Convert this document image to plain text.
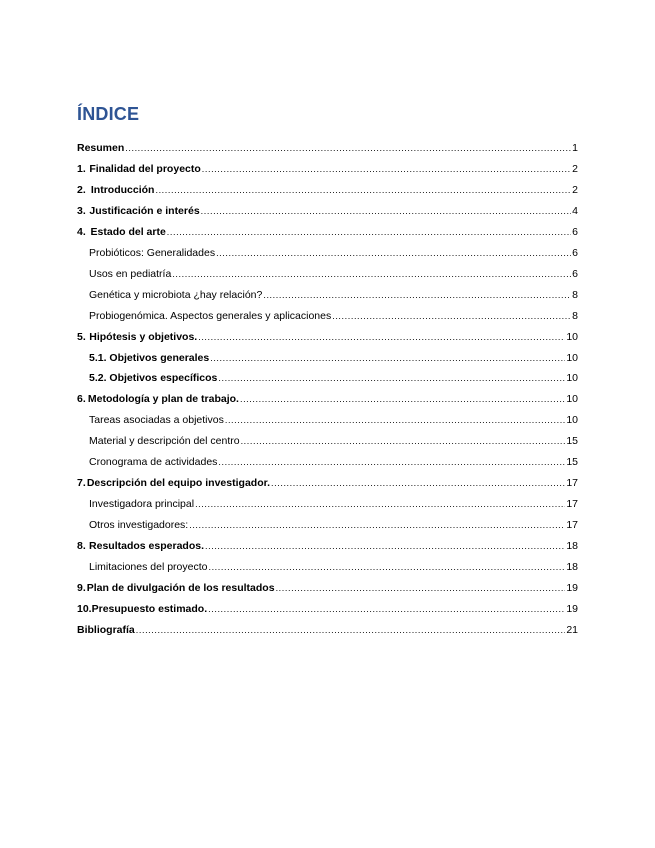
ÍNDICE
Resumen .....	1
1. Finalidad del proyecto .....	2
2. Introducción .....	2
3. Justificación e interés .....	4
4. Estado del arte .....	6
Probióticos: Generalidades .....	6
Usos en pediatría .....	6
Genética y microbiota ¿hay relación? .....	8
Probiogenómica. Aspectos generales y aplicaciones .....	8
5. Hipótesis y objetivos. .....	10
5.1. Objetivos generales .....	10
5.2. Objetivos específicos .....	10
6. Metodología y plan de trabajo. .....	10
Tareas asociadas a objetivos .....	10
Material y descripción del centro .....	15
Cronograma de actividades .....	15
7. Descripción del equipo investigador. .....	17
Investigadora principal .....	17
Otros investigadores: .....	17
8. Resultados esperados. .....	18
Limitaciones del proyecto .....	18
9. Plan de divulgación de los resultados .....	19
10. Presupuesto estimado. .....	19
Bibliografía .....	21
